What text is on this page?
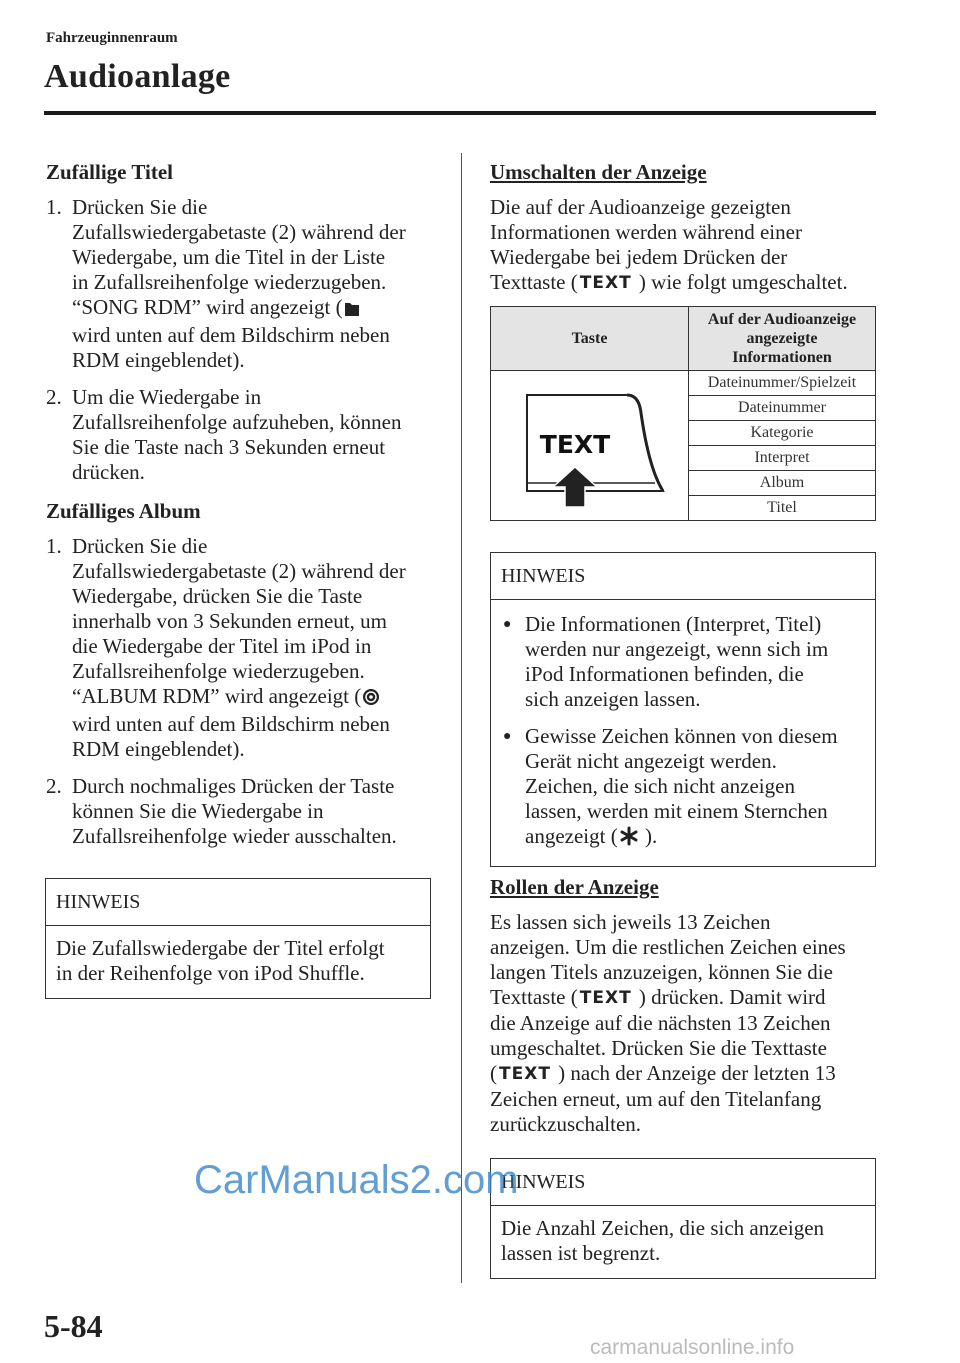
Fahrzeuginnenraum
Audioanlage
Zufällige Titel
1. Drücken Sie die
Zufallswiedergabetaste (2) während der
Wiedergabe, um die Titel in der Liste
in Zufallsreihenfolge wiederzugeben.
“SONG RDM” wird angezeigt (
wird unten auf dem Bildschirm neben
RDM eingeblendet).
2. Um die Wiedergabe in
Zufallsreihenfolge aufzuheben, können
Sie die Taste nach 3 Sekunden erneut
drücken.
Zufälliges Album
1. Drücken Sie die
Zufallswiedergabetaste (2) während der
Wiedergabe, drücken Sie die Taste
innerhalb von 3 Sekunden erneut, um
die Wiedergabe der Titel im iPod in
Zufallsreihenfolge wiederzugeben.
“ALBUM RDM” wird angezeigt (
wird unten auf dem Bildschirm neben
RDM eingeblendet).
2. Durch nochmaliges Drücken der Taste
können Sie die Wiedergabe in
Zufallsreihenfolge wieder ausschalten.
HINWEIS
Die Zufallswiedergabe der Titel erfolgt
in der Reihenfolge von iPod Shuffle.
Umschalten der Anzeige
Die auf der Audioanzeige gezeigten
Informationen werden während einer
Wiedergabe bei jedem Drücken der
Texttaste ( TEXT ) wie folgt umgeschaltet.
Taste	Auf der Audioanzeige
angezeigte
Informationen

TEXT	Dateinummer/Spielzeit
	Dateinummer
	Kategorie
	Interpret
	Album
	Titel
HINWEIS
● Die Informationen (Interpret, Titel)
werden nur angezeigt, wenn sich im
iPod Informationen befinden, die
sich anzeigen lassen.
● Gewisse Zeichen können von diesem
Gerät nicht angezeigt werden.
Zeichen, die sich nicht anzeigen
lassen, werden mit einem Sternchen
angezeigt ( ).
Rollen der Anzeige
Es lassen sich jeweils 13 Zeichen
anzeigen. Um die restlichen Zeichen eines
langen Titels anzuzeigen, können Sie die
Texttaste ( TEXT ) drücken. Damit wird
die Anzeige auf die nächsten 13 Zeichen
umgeschaltet. Drücken Sie die Texttaste
( TEXT ) nach der Anzeige der letzten 13
Zeichen erneut, um auf den Titelanfang
zurückzuschalten.
HINWEIS
Die Anzahl Zeichen, die sich anzeigen
lassen ist begrenzt.
5-84
CarManuals2.com
carmanualsonline.info
